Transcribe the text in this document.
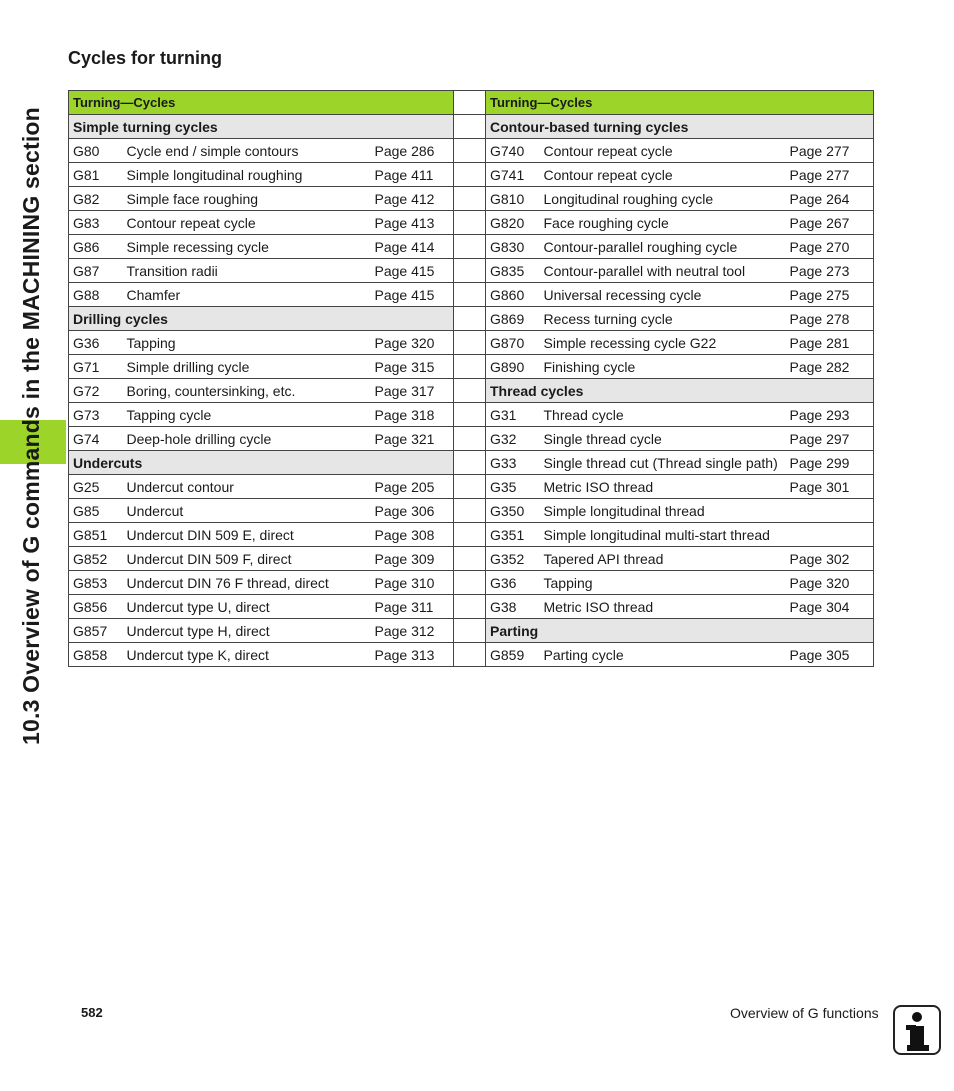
10.3 Overview of G commands in the MACHINING section
Cycles for turning
Turning—Cycles				Turning—Cycles		
Simple turning cycles				Contour-based turning cycles		
G80	Cycle end / simple contours	Page 286		G740	Contour repeat cycle	Page 277
G81	Simple longitudinal roughing	Page 411		G741	Contour repeat cycle	Page 277
G82	Simple face roughing	Page 412		G810	Longitudinal roughing cycle	Page 264
G83	Contour repeat cycle	Page 413		G820	Face roughing cycle	Page 267
G86	Simple recessing cycle	Page 414		G830	Contour-parallel roughing cycle	Page 270
G87	Transition radii	Page 415		G835	Contour-parallel with neutral tool	Page 273
G88	Chamfer	Page 415		G860	Universal recessing cycle	Page 275
Drilling cycles				G869	Recess turning cycle	Page 278
G36	Tapping	Page 320		G870	Simple recessing cycle G22	Page 281
G71	Simple drilling cycle	Page 315		G890	Finishing cycle	Page 282
G72	Boring, countersinking, etc.	Page 317		Thread cycles		
G73	Tapping cycle	Page 318		G31	Thread cycle	Page 293
G74	Deep-hole drilling cycle	Page 321		G32	Single thread cycle	Page 297
Undercuts				G33	Single thread cut (Thread single path)	Page 299
G25	Undercut contour	Page 205		G35	Metric ISO thread	Page 301
G85	Undercut	Page 306		G350	Simple longitudinal thread	
G851	Undercut DIN 509 E, direct	Page 308		G351	Simple longitudinal multi-start thread	
G852	Undercut DIN 509 F, direct	Page 309		G352	Tapered API thread	Page 302
G853	Undercut DIN 76 F thread, direct	Page 310		G36	Tapping	Page 320
G856	Undercut type U, direct	Page 311		G38	Metric ISO thread	Page 304
G857	Undercut type H, direct	Page 312		Parting		
G858	Undercut type K, direct	Page 313		G859	Parting cycle	Page 305
582	Overview of G functions
